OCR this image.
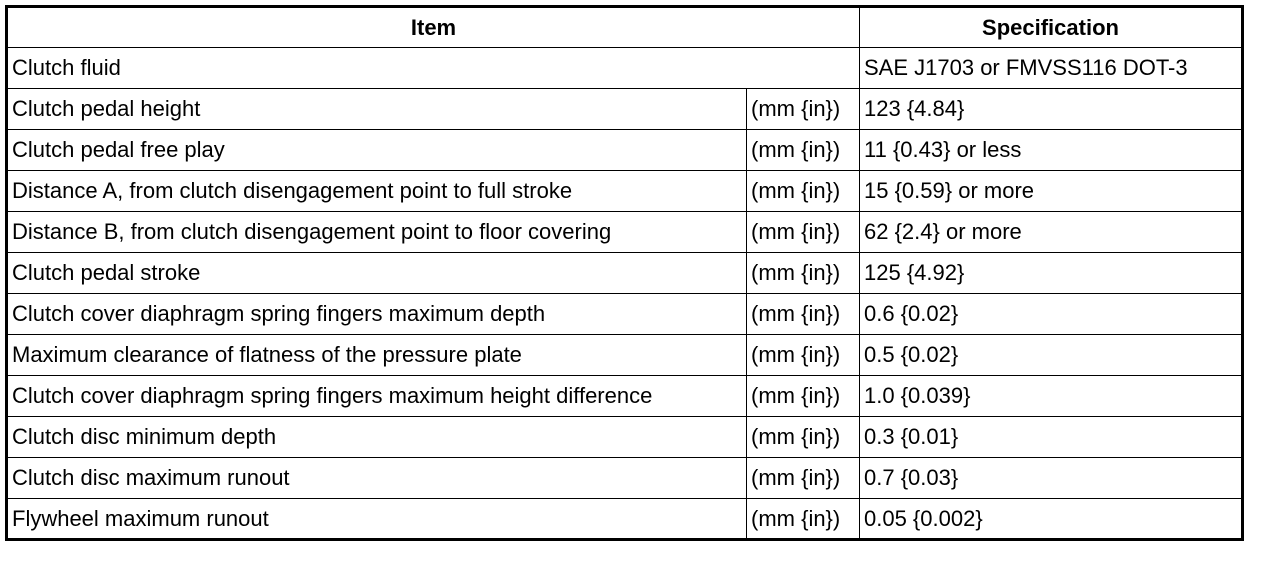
Item		Specification
Clutch fluid		SAE J1703 or FMVSS116 DOT-3
Clutch pedal height	(mm {in})	123 {4.84}
Clutch pedal free play	(mm {in})	11 {0.43} or less
Distance A, from clutch disengagement point to full stroke	(mm {in})	15 {0.59} or more
Distance B, from clutch disengagement point to floor covering	(mm {in})	62 {2.4} or more
Clutch pedal stroke	(mm {in})	125 {4.92}
Clutch cover diaphragm spring fingers maximum depth	(mm {in})	0.6 {0.02}
Maximum clearance of flatness of the pressure plate	(mm {in})	0.5 {0.02}
Clutch cover diaphragm spring fingers maximum height difference	(mm {in})	1.0 {0.039}
Clutch disc minimum depth	(mm {in})	0.3 {0.01}
Clutch disc maximum runout	(mm {in})	0.7 {0.03}
Flywheel maximum runout	(mm {in})	0.05 {0.002}
